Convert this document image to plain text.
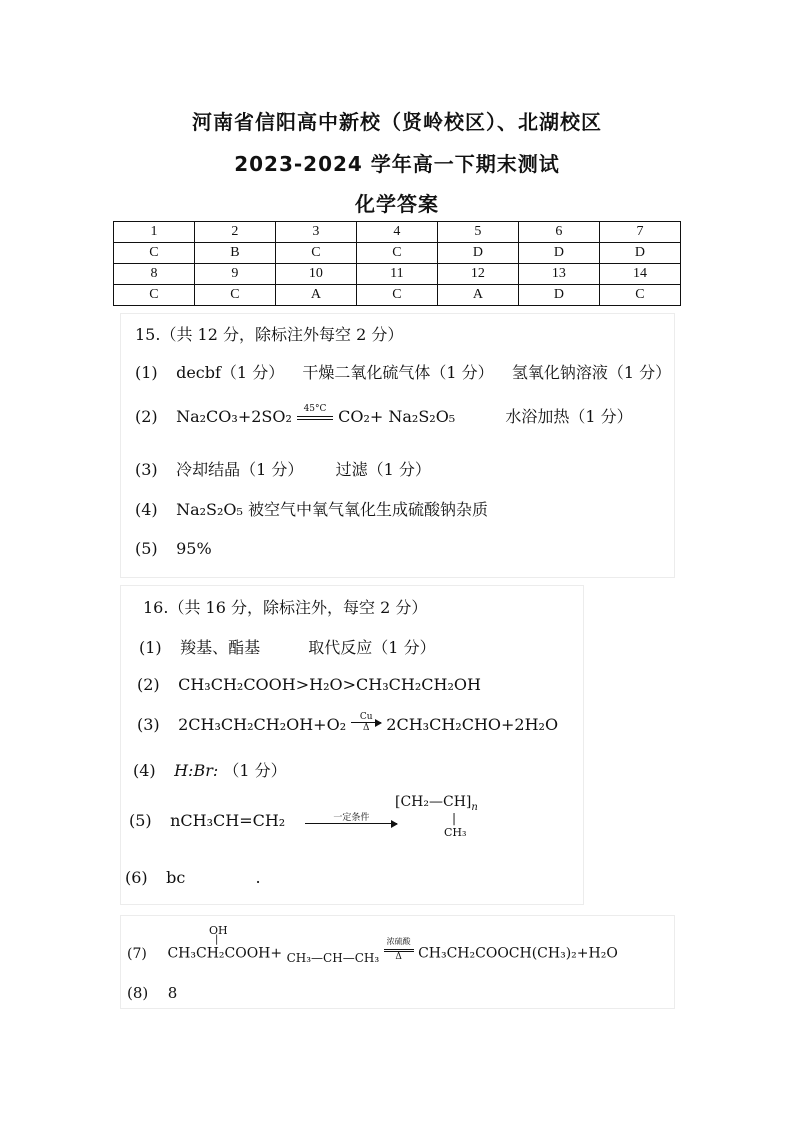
河南省信阳高中新校（贤岭校区）、北湖校区
2023-2024 学年高一下期末测试
化学答案
1	2	3	4	5	6	7
C	B	C	C	D	D	D
8	9	10	11	12	13	14
C	C	A	C	A	D	C
15.（共 12 分，除标注外每空 2 分）
(1) decbf（1 分） 干燥二氧化硫气体（1 分） 氢氧化钠溶液（1 分）
(2) Na₂CO₃+2SO₂	45°C CO₂+ Na₂S₂O₅	水浴加热（1 分）
(3) 冷却结晶（1 分） 过滤（1 分）
(4) Na₂S₂O₅ 被空气中氧气氧化生成硫酸钠杂质
(5) 95%
16.（共 16 分，除标注外，每空 2 分）
(1) 羧基、酯基	取代反应（1 分）
(2) CH₃CH₂COOH>H₂O>CH₃CH₂CH₂OH
(3) $2CH_3CH_2CH_2OH+O_2 \frac{Cu}{\Delta} 2CH_3CH_2CHO+2H_2O$
(4) H:Br: （1 分）
(5) nCH₃CH=CH₂	一定条件
$[CH_2—CH]_n$
|
CH₃
(6) bc	.
OH
|
(7) CH₃CH₂COOH+ CH₃—CH—CH₃
浓硫酸
Δ	CH₃CH₂COOCH(CH₃)₂+H₂O
(8) 8
